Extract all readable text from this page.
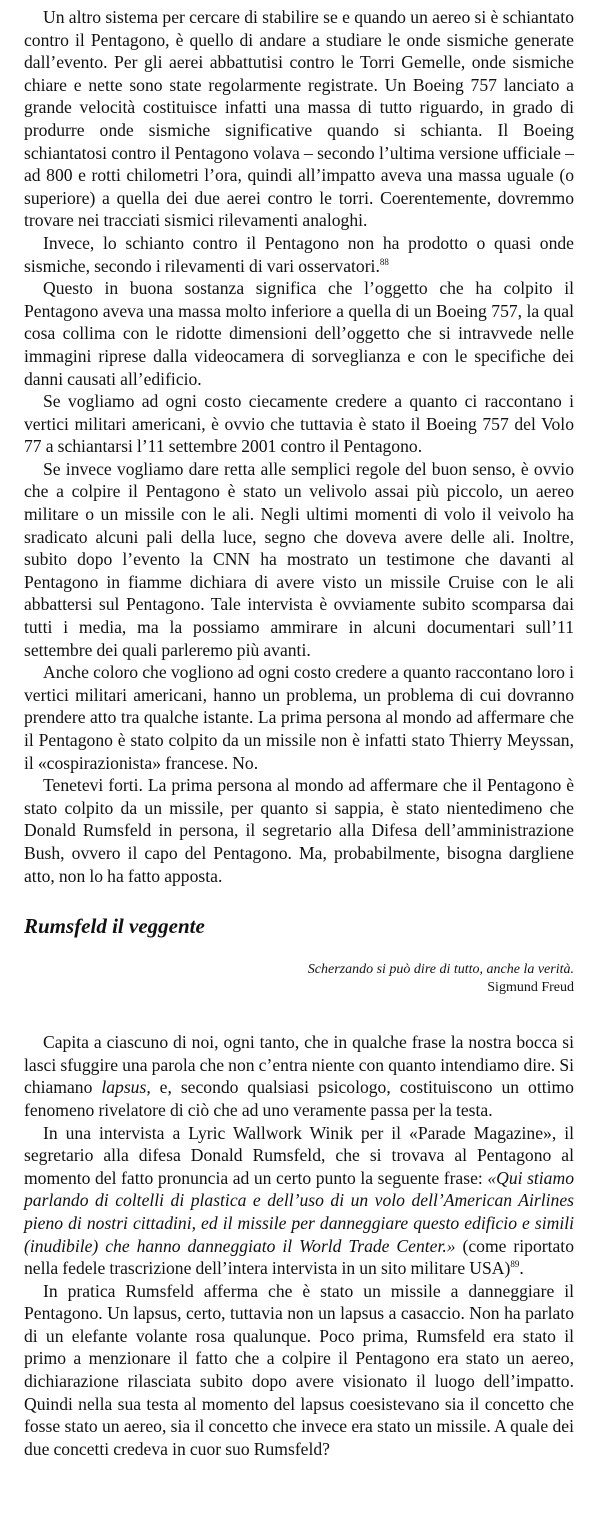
Un altro sistema per cercare di stabilire se e quando un aereo si è schiantato contro il Pentagono, è quello di andare a studiare le onde sismiche generate dall’evento. Per gli aerei abbattutisi contro le Torri Gemelle, onde sismiche chiare e nette sono state regolarmente registrate. Un Boeing 757 lanciato a grande velocità costituisce infatti una massa di tutto riguardo, in grado di produrre onde sismiche significative quando si schianta. Il Boeing schiantatosi contro il Pentagono volava – secondo l’ultima versione ufficiale – ad 800 e rotti chilometri l’ora, quindi all’impatto aveva una massa uguale (o superiore) a quella dei due aerei contro le torri. Coerentemente, dovremmo trovare nei tracciati sismici rilevamenti analoghi.

Invece, lo schianto contro il Pentagono non ha prodotto o quasi onde sismiche, secondo i rilevamenti di vari osservatori.$^{88}$

Questo in buona sostanza significa che l’oggetto che ha colpito il Pentagono aveva una massa molto inferiore a quella di un Boeing 757, la qual cosa collima con le ridotte dimensioni dell’oggetto che si intravvede nelle immagini riprese dalla videocamera di sorveglianza e con le specifiche dei danni causati all’edificio.

Se vogliamo ad ogni costo ciecamente credere a quanto ci raccontano i vertici militari americani, è ovvio che tuttavia è stato il Boeing 757 del Volo 77 a schiantarsi l’11 settembre 2001 contro il Pentagono.

Se invece vogliamo dare retta alle semplici regole del buon senso, è ovvio che a colpire il Pentagono è stato un velivolo assai più piccolo, un aereo militare o un missile con le ali. Negli ultimi momenti di volo il veivolo ha sradicato alcuni pali della luce, segno che doveva avere delle ali. Inoltre, subito dopo l’evento la CNN ha mostrato un testimone che davanti al Pentagono in fiamme dichiara di avere visto un missile Cruise con le ali abbattersi sul Pentagono. Tale intervista è ovviamente subito scomparsa dai tutti i media, ma la possiamo ammirare in alcuni documentari sull’11 settembre dei quali parleremo più avanti.

Anche coloro che vogliono ad ogni costo credere a quanto raccontano loro i vertici militari americani, hanno un problema, un problema di cui dovranno prendere atto tra qualche istante. La prima persona al mondo ad affermare che il Pentagono è stato colpito da un missile non è infatti stato Thierry Meyssan, il «cospirazionista» francese. No.

Tenetevi forti. La prima persona al mondo ad affermare che il Pentagono è stato colpito da un missile, per quanto si sappia, è stato nientedimeno che Donald Rumsfeld in persona, il segretario alla Difesa dell’amministrazione Bush, ovvero il capo del Pentagono. Ma, probabilmente, bisogna dargliene atto, non lo ha fatto apposta.

Rumsfeld il veggente
Scherzando si può dire di tutto, anche la verità.
Sigmund Freud

Capita a ciascuno di noi, ogni tanto, che in qualche frase la nostra bocca si lasci sfuggire una parola che non c’entra niente con quanto intendiamo dire. Si chiamano lapsus, e, secondo qualsiasi psicologo, costituiscono un ottimo fenomeno rivelatore di ciò che ad uno veramente passa per la testa.

In una intervista a Lyric Wallwork Winik per il «Parade Magazine», il segretario alla difesa Donald Rumsfeld, che si trovava al Pentagono al momento del fatto pronuncia ad un certo punto la seguente frase: «Qui stiamo parlando di coltelli di plastica e dell’uso di un volo dell’American Airlines pieno di nostri cittadini, ed il missile per danneggiare questo edificio e simili (inudibile) che hanno danneggiato il World Trade Center.» (come riportato nella fedele trascrizione dell’intera intervista in un sito militare USA)$^{89}$.

In pratica Rumsfeld afferma che è stato un missile a danneggiare il Pentagono. Un lapsus, certo, tuttavia non un lapsus a casaccio. Non ha parlato di un elefante volante rosa qualunque. Poco prima, Rumsfeld era stato il primo a menzionare il fatto che a colpire il Pentagono era stato un aereo, dichiarazione rilasciata subito dopo avere visionato il luogo dell’impatto. Quindi nella sua testa al momento del lapsus coesistevano sia il concetto che fosse stato un aereo, sia il concetto che invece era stato un missile. A quale dei due concetti credeva in cuor suo Rumsfeld?
